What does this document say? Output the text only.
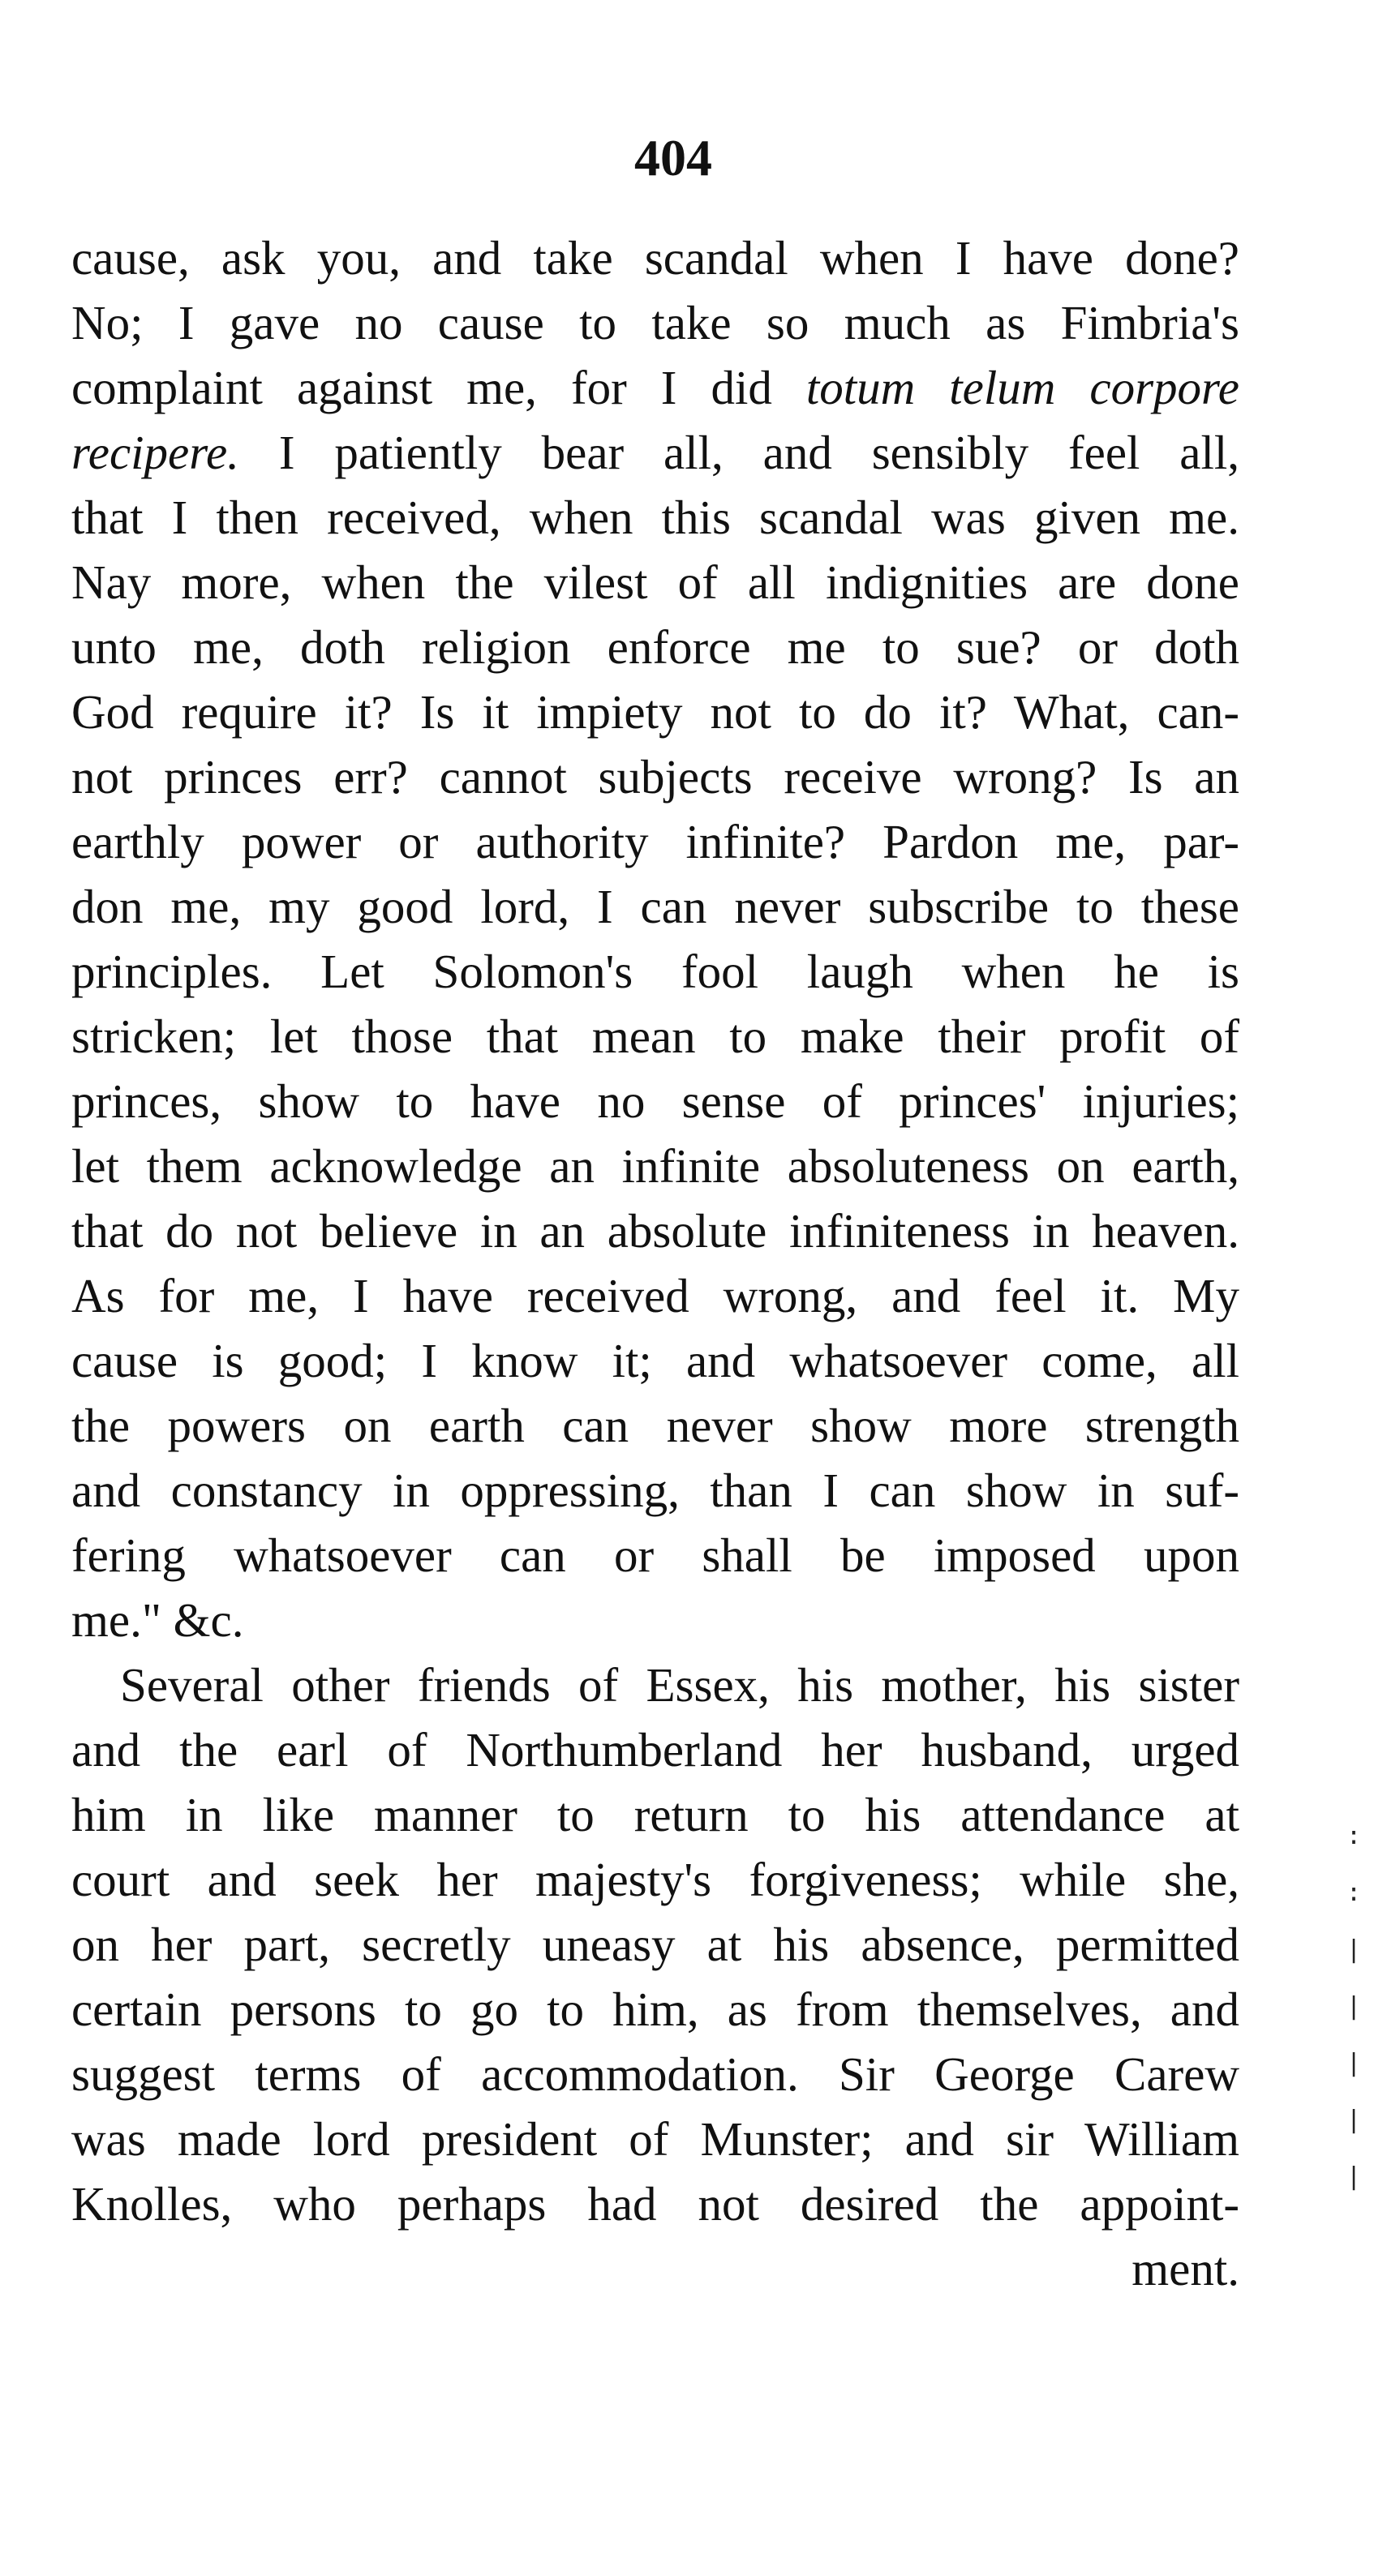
404
cause, ask you, and take scandal when I have done?
No; I gave no cause to take so much as Fimbria's
complaint against me, for I did totum telum corpore
recipere. I patiently bear all, and sensibly feel all,
that I then received, when this scandal was given me.
Nay more, when the vilest of all indignities are done
unto me, doth religion enforce me to sue? or doth
God require it? Is it impiety not to do it? What, can-
not princes err? cannot subjects receive wrong? Is an
earthly power or authority infinite? Pardon me, par-
don me, my good lord, I can never subscribe to these
principles. Let Solomon's fool laugh when he is
stricken; let those that mean to make their profit of
princes, show to have no sense of princes' injuries;
let them acknowledge an infinite absoluteness on earth,
that do not believe in an absolute infiniteness in heaven.
As for me, I have received wrong, and feel it. My
cause is good; I know it; and whatsoever come, all
the powers on earth can never show more strength
and constancy in oppressing, than I can show in suf-
fering whatsoever can or shall be imposed upon
me." &c.
Several other friends of Essex, his mother, his sister
and the earl of Northumberland her husband, urged
him in like manner to return to his attendance at
court and seek her majesty's forgiveness; while she,
on her part, secretly uneasy at his absence, permitted
certain persons to go to him, as from themselves, and
suggest terms of accommodation. Sir George Carew
was made lord president of Munster; and sir William
Knolles, who perhaps had not desired the appoint-
ment.
:
:
|
|
|
|
|
